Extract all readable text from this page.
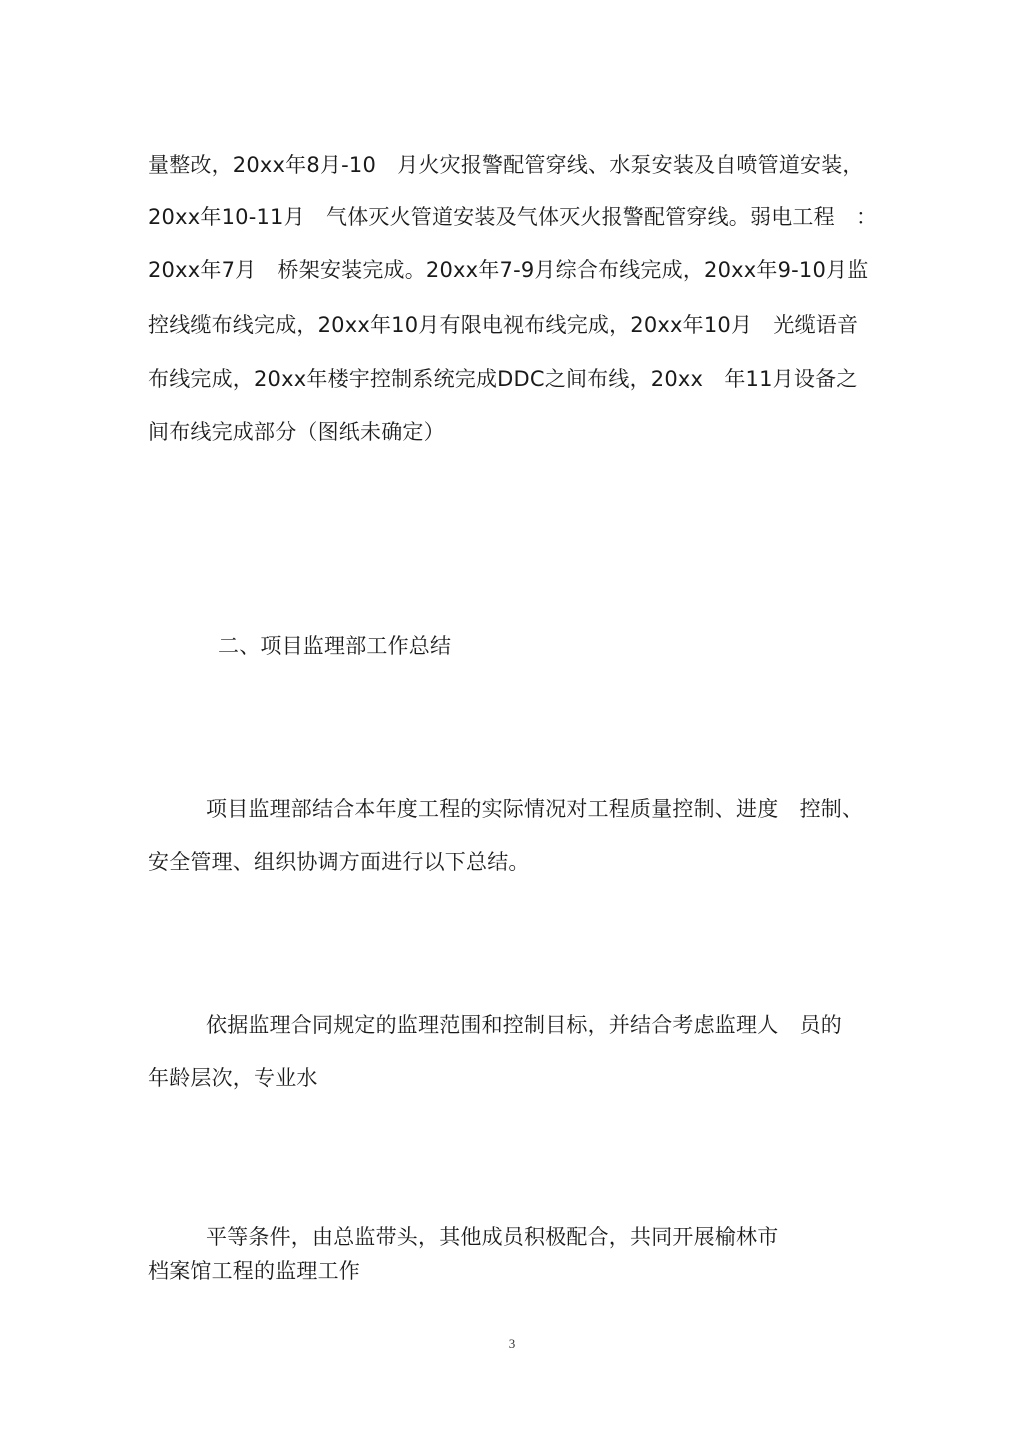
量整改，20xx年8月-10　月火灾报警配管穿线、水泵安装及自喷管道安装，
20xx年10-11月　气体灭火管道安装及气体灭火报警配管穿线。弱电工程　：
20xx年7月　桥架安装完成。20xx年7-9月综合布线完成，20xx年9-10月监
控线缆布线完成，20xx年10月有限电视布线完成，20xx年10月　光缆语音
布线完成，20xx年楼宇控制系统完成DDC之间布线，20xx　年11月设备之
间布线完成部分（图纸未确定）
二、项目监理部工作总结
项目监理部结合本年度工程的实际情况对工程质量控制、进度　控制、
安全管理、组织协调方面进行以下总结。
依据监理合同规定的监理范围和控制目标，并结合考虑监理人　员的
年龄层次，专业水
平等条件，由总监带头，其他成员积极配合，共同开展榆林市
档案馆工程的监理工作
3
